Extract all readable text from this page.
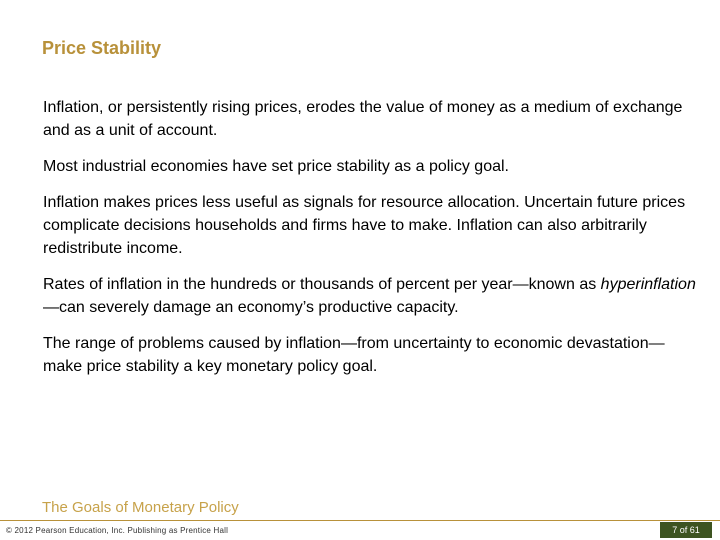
Price Stability

Inflation, or persistently rising prices, erodes the value of money as a medium of exchange and as a unit of account.

Most industrial economies have set price stability as a policy goal.

Inflation makes prices less useful as signals for resource allocation. Uncertain future prices complicate decisions households and firms have to make. Inflation can also arbitrarily redistribute income.

Rates of inflation in the hundreds or thousands of percent per year—known as hyperinflation—can severely damage an economy’s productive capacity.

The range of problems caused by inflation—from uncertainty to economic devastation—make price stability a key monetary policy goal.

The Goals of Monetary Policy
© 2012 Pearson Education, Inc. Publishing as Prentice Hall	7 of 61
